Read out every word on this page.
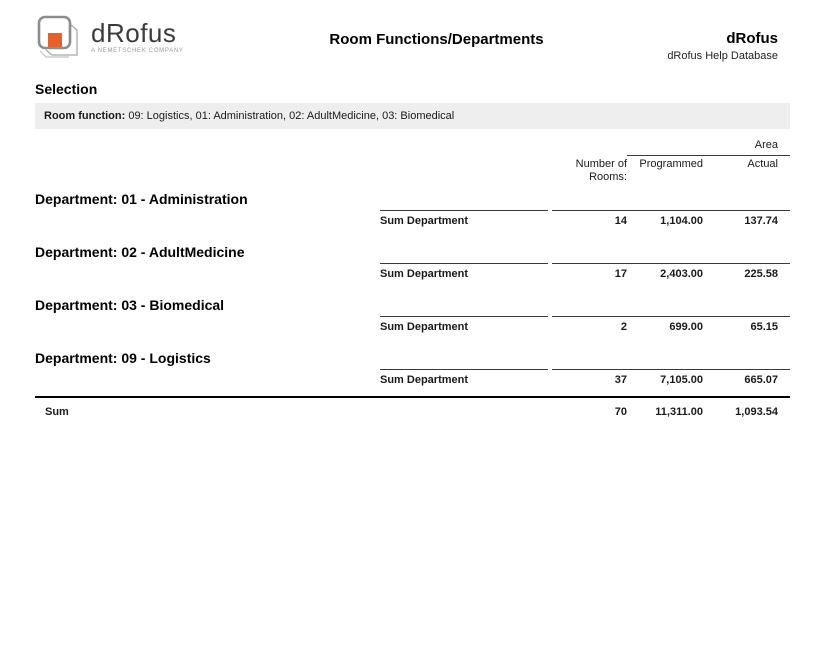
dRofus
A NEMETSCHEK COMPANY
Room Functions/Departments	dRofus
dRofus Help Database
Selection
Room function: 09: Logistics, 01: Administration, 02: AdultMedicine, 03: Biomedical
Area
Number of
Rooms:
Programmed	Actual
Department: 01 - Administration
Sum Department	14	1,104.00	137.74
Department: 02 - AdultMedicine
Sum Department	17	2,403.00	225.58
Department: 03 - Biomedical
Sum Department	2	699.00	65.15
Department: 09 - Logistics
Sum Department	37	7,105.00	665.07
Sum	70	11,311.00	1,093.54
